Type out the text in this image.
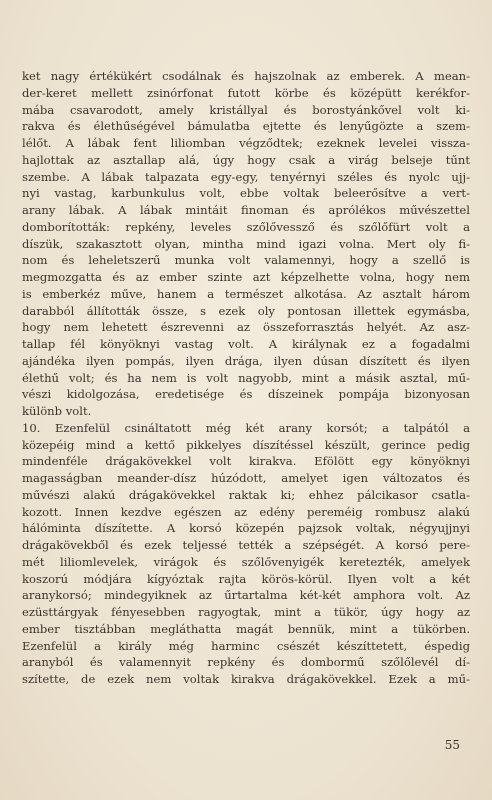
ket nagy értékükért csodálnak és hajszolnak az emberek. A mean-
der-keret mellett zsinórfonat futott körbe és középütt kerékfor-
mába csavarodott, amely kristállyal és borostyánkővel volt ki-
rakva és élethűségével bámulatba ejtette és lenyűgözte a szem-
lélőt. A lábak fent liliomban végződtek; ezeknek levelei vissza-
hajlottak az asztallap alá, úgy hogy csak a virág belseje tűnt
szembe. A lábak talpazata egy-egy, tenyérnyi széles és nyolc ujj-
nyi vastag, karbunkulus volt, ebbe voltak beleerősítve a vert-
arany lábak. A lábak mintáit finoman és aprólékos művészettel
domborították: repkény, leveles szőlővessző és szőlőfürt volt a
díszük, szakasztott olyan, mintha mind igazi volna. Mert oly fi-
nom és leheletszerű munka volt valamennyi, hogy a szellő is
megmozgatta és az ember szinte azt képzelhette volna, hogy nem
is emberkéz műve, hanem a természet alkotása. Az asztalt három
darabból állították össze, s ezek oly pontosan illettek egymásba,
hogy nem lehetett észrevenni az összeforrasztás helyét. Az asz-
tallap fél könyöknyi vastag volt. A királynak ez a fogadalmi
ajándéka ilyen pompás, ilyen drága, ilyen dúsan díszített és ilyen
élethű volt; és ha nem is volt nagyobb, mint a másik asztal, mű-
vészi kidolgozása, eredetisége és díszeinek pompája bizonyosan
különb volt.
10. Ezenfelül csináltatott még két arany korsót; a talpától a
közepéig mind a kettő pikkelyes díszítéssel készült, gerince pedig
mindenféle drágakövekkel volt kirakva. Efölött egy könyöknyi
magasságban meander-dísz húzódott, amelyet igen változatos és
művészi alakú drágakövekkel raktak ki; ehhez pálcikasor csatla-
kozott. Innen kezdve egészen az edény pereméig rombusz alakú
hálóminta díszítette. A korsó közepén pajzsok voltak, négyujjnyi
drágakövekből és ezek teljessé tették a szépségét. A korsó pere-
mét liliomlevelek, virágok és szőlővenyigék keretezték, amelyek
koszorú módjára kígyóztak rajta körös-körül. Ilyen volt a két
aranykorsó; mindegyiknek az űrtartalma két-két amphora volt. Az
ezüsttárgyak fényesebben ragyogtak, mint a tükör, úgy hogy az
ember tisztábban megláthatta magát bennük, mint a tükörben.
Ezenfelül a király még harminc csészét készíttetett, éspedig
aranyból és valamennyit repkény és dombormű szőlőlevél dí-
szítette, de ezek nem voltak kirakva drágakövekkel. Ezek a mű-
55
